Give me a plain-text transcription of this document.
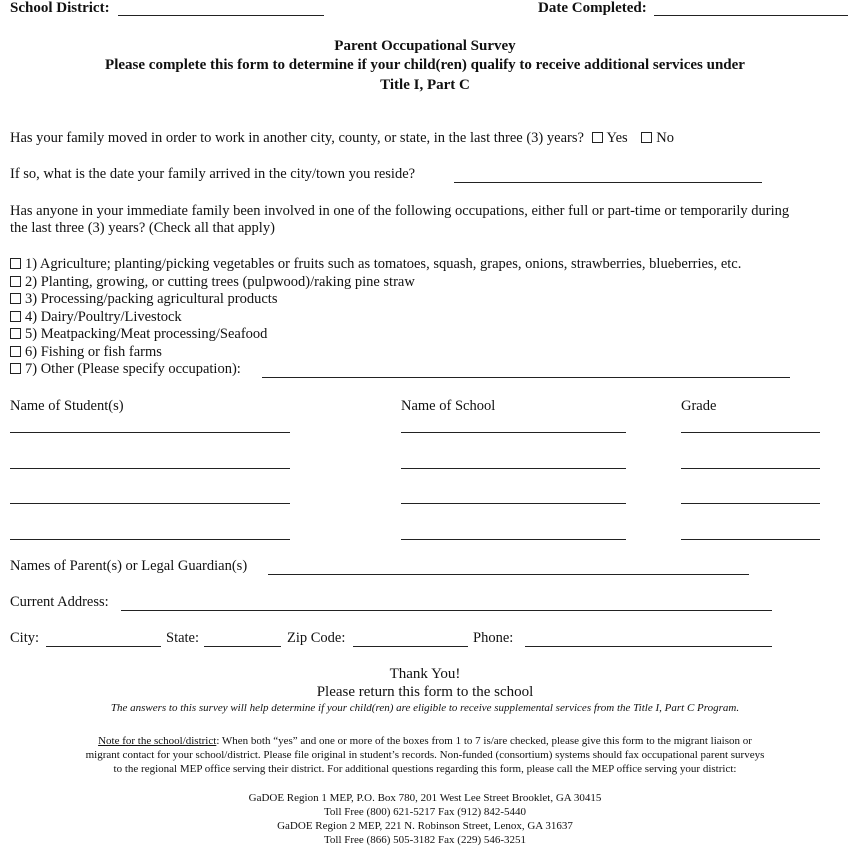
School District:	Date Completed:
Parent Occupational Survey
Please complete this form to determine if your child(ren) qualify to receive additional services under
Title I, Part C
Has your family moved in order to work in another city, county, or state, in the last three (3) years? Yes No
If so, what is the date your family arrived in the city/town you reside?
Has anyone in your immediate family been involved in one of the following occupations, either full or part-time or temporarily during
the last three (3) years? (Check all that apply)
1) Agriculture; planting/picking vegetables or fruits such as tomatoes, squash, grapes, onions, strawberries, blueberries, etc.
2) Planting, growing, or cutting trees (pulpwood)/raking pine straw
3) Processing/packing agricultural products
4) Dairy/Poultry/Livestock
5) Meatpacking/Meat processing/Seafood
6) Fishing or fish farms
7) Other (Please specify occupation):
Name of Student(s)	Name of School	Grade
Names of Parent(s) or Legal Guardian(s)
Current Address:
City:	State:	Zip Code:	Phone:
Thank You!
Please return this form to the school
The answers to this survey will help determine if your child(ren) are eligible to receive supplemental services from the Title I, Part C Program.
Note for the school/district: When both “yes” and one or more of the boxes from 1 to 7 is/are checked, please give this form to the migrant liaison or
migrant contact for your school/district. Please file original in student’s records. Non-funded (consortium) systems should fax occupational parent surveys
to the regional MEP office serving their district. For additional questions regarding this form, please call the MEP office serving your district:
GaDOE Region 1 MEP, P.O. Box 780, 201 West Lee Street Brooklet, GA 30415
Toll Free (800) 621-5217 Fax (912) 842-5440
GaDOE Region 2 MEP, 221 N. Robinson Street, Lenox, GA 31637
Toll Free (866) 505-3182 Fax (229) 546-3251
